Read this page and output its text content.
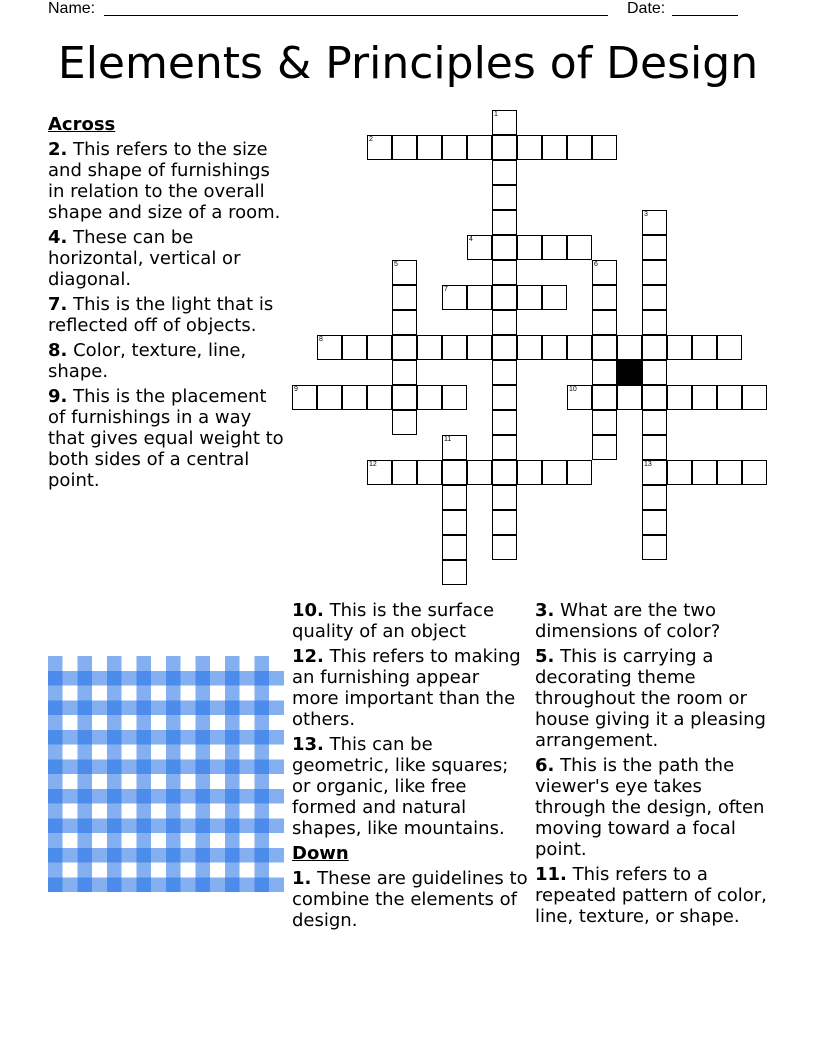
Name:	Date:
Elements & Principles of Design
1
2
3
13
4
5	6
7
8
9	10
11
12
Across
2. This refers to the size and shape of furnishings in relation to the overall shape and size of a room.
4. These can be horizontal, vertical or diagonal.
7. This is the light that is reflected off of objects.
8. Color, texture, line, shape.
9. This is the placement of furnishings in a way that gives equal weight to both sides of a central point.
10. This is the surface quality of an object
12. This refers to making an furnishing appear more important than the others.
13. This can be geometric, like squares; or organic, like free formed and natural shapes, like mountains.
Down
1. These are guidelines to combine the elements of design.
3. What are the two dimensions of color?
5. This is carrying a decorating theme throughout the room or house giving it a pleasing arrangement.
6. This is the path the viewer's eye takes through the design, often moving toward a focal point.
11. This refers to a repeated pattern of color, line, texture, or shape.
